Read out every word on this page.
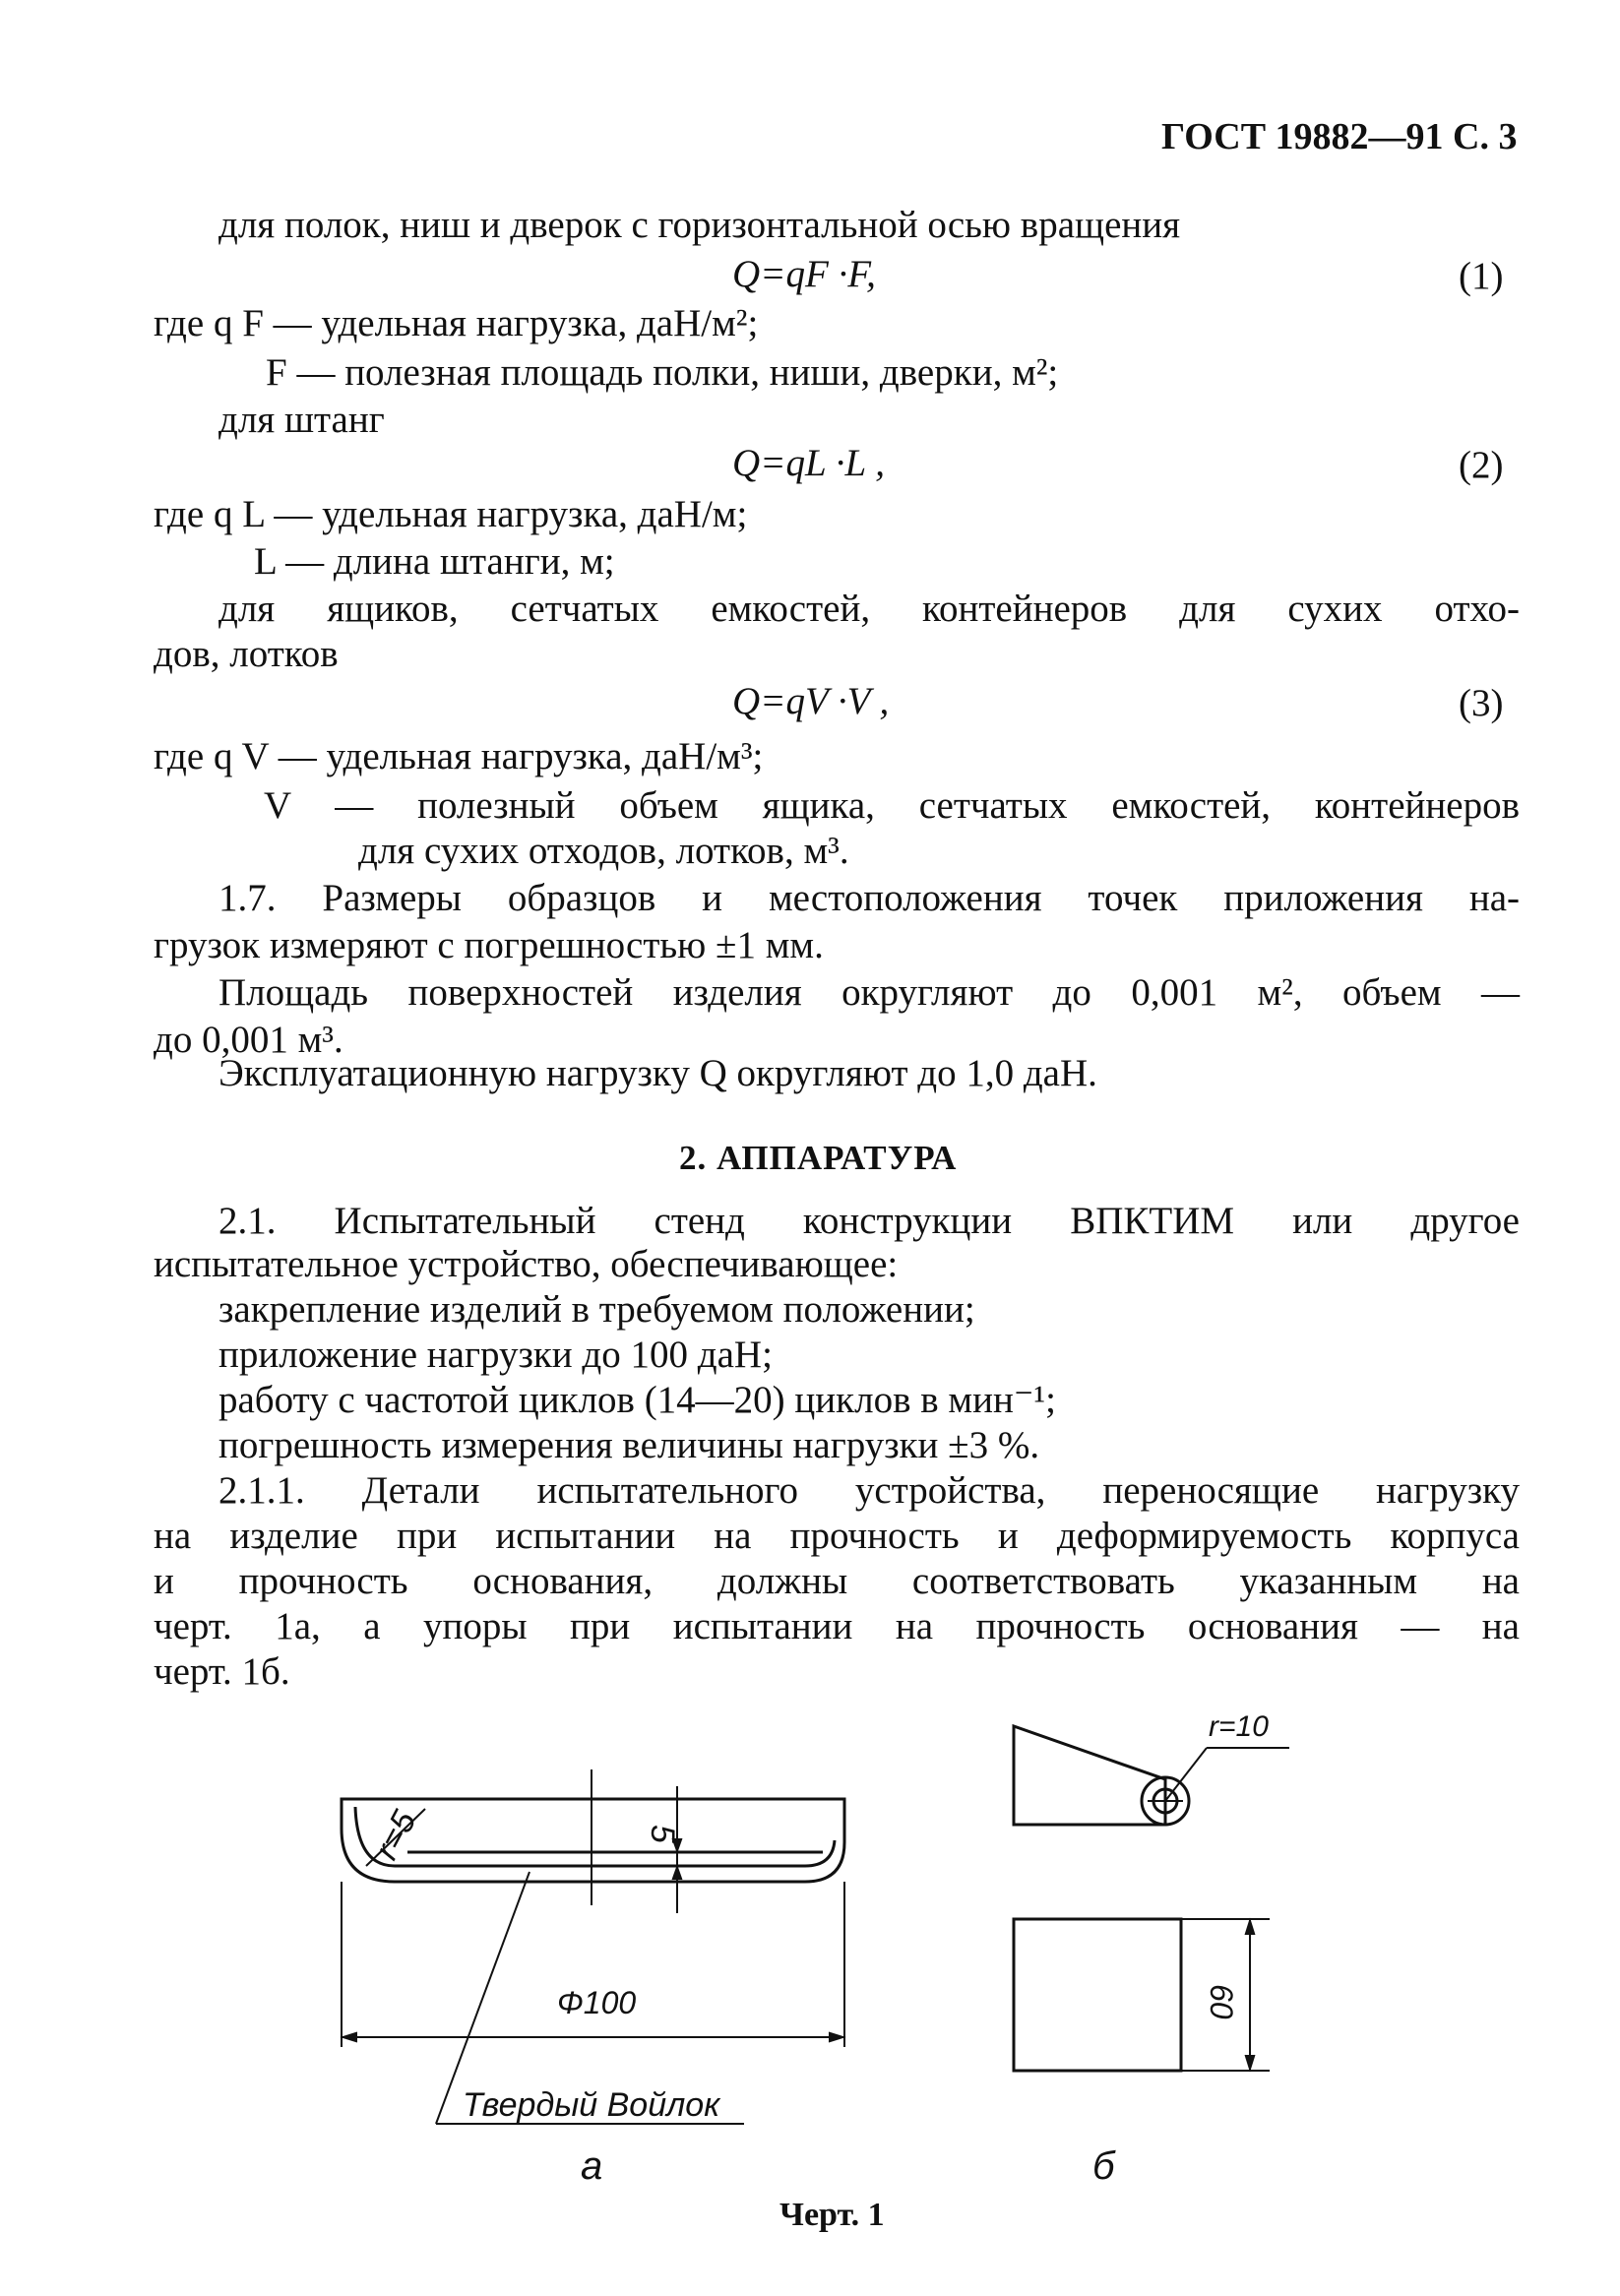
ГОСТ 19882—91 С. 3
для полок, ниш и дверок с горизонтальной осью вращения
Q=qF ·F,	(1)
где q F — удельная нагрузка, даН/м²;
F — полезная площадь полки, ниши, дверки, м²;
для штанг
Q=qL ·L ,	(2)
где q L — удельная нагрузка, даН/м;
L — длина штанги, м;
для ящиков, сетчатых емкостей, контейнеров для сухих отхо-
дов, лотков
Q=qV ·V ,	(3)
где q V — удельная нагрузка, даН/м³;
V — полезный объем ящика, сетчатых емкостей, контейнеров
для сухих отходов, лотков, м³.
1.7. Размеры образцов и местоположения точек приложения на-
грузок измеряют с погрешностью ±1 мм.
Площадь поверхностей изделия округляют до 0,001 м², объем —
до 0,001 м³.
Эксплуатационную нагрузку Q округляют до 1,0 даН.
2. АППАРАТУРА
2.1. Испытательный стенд конструкции ВПКТИМ или другое
испытательное устройство, обеспечивающее:
закрепление изделий в требуемом положении;
приложение нагрузки до 100 даН;
работу с частотой циклов (14—20) циклов в мин⁻¹;
погрешность измерения величины нагрузки ±3 %.
2.1.1. Детали испытательного устройства, переносящие нагрузку
на изделие при испытании на прочность и деформируемость корпуса
и прочность основания, должны соответствовать указанным на
черт. 1а, а упоры при испытании на прочность основания — на
черт. 1б.
r=5	5
Φ100
Твердый Войлок
а
r=10
60
б
Черт. 1
